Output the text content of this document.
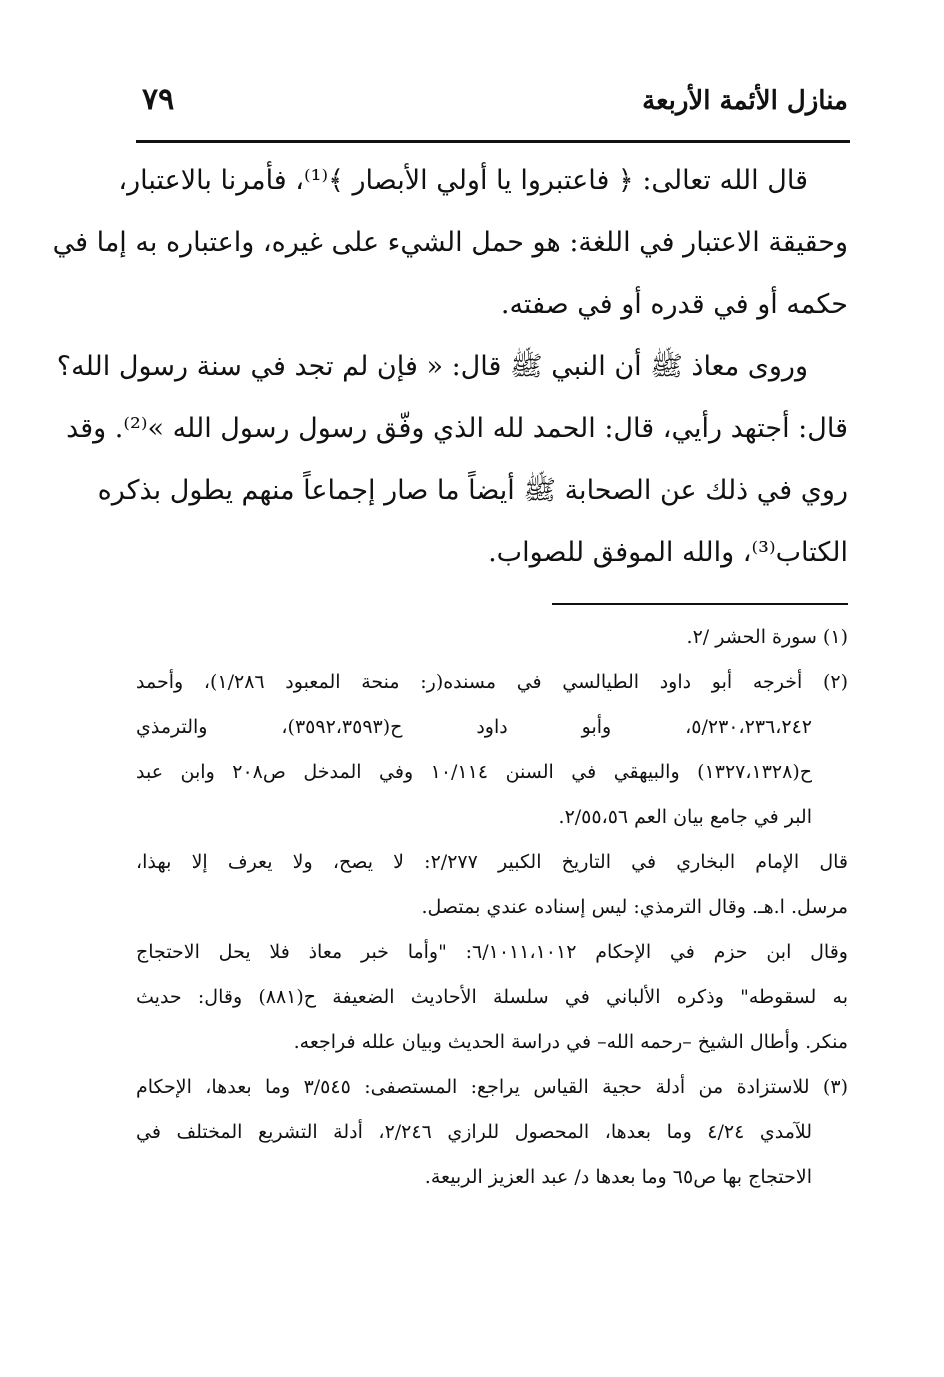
منازل الأئمة الأربعة
٧٩
قال الله تعالى: ﴿ فاعتبروا يا أولي الأبصار ﴾⁽¹⁾، فأمرنا بالاعتبار،
وحقيقة الاعتبار في اللغة: هو حمل الشيء على غيره، واعتباره به إما في
حكمه أو في قدره أو في صفته.
وروى معاذ ﷺ أن النبي ﷺ قال: « فإن لم تجد في سنة رسول الله؟
قال: أجتهد رأيي، قال: الحمد لله الذي وفّق رسول رسول الله »⁽²⁾. وقد
روي في ذلك عن الصحابة ﷺ أيضاً ما صار إجماعاً منهم يطول بذكره
الكتاب⁽³⁾، والله الموفق للصواب.
(١) سورة الحشر /٢.
(٢) أخرجه أبو داود الطيالسي في مسنده(ر: منحة المعبود ١/٢٨٦)، وأحمد
٥/٢٣٠،٢٣٦،٢٤٢، وأبو داود ح(٣٥٩٢،٣٥٩٣)، والترمذي
ح(١٣٢٧،١٣٢٨) والبيهقي في السنن ١٠/١١٤ وفي المدخل ص٢٠٨ وابن عبد
البر في جامع بيان العم ٢/٥٥،٥٦.
قال الإمام البخاري في التاريخ الكبير ٢/٢٧٧: لا يصح، ولا يعرف إلا بهذا،
مرسل. ا.هـ. وقال الترمذي: ليس إسناده عندي بمتصل.
وقال ابن حزم في الإحكام ٦/١٠١١،١٠١٢: "وأما خبر معاذ فلا يحل الاحتجاج
به لسقوطه" وذكره الألباني في سلسلة الأحاديث الضعيفة ح(٨٨١) وقال: حديث
منكر. وأطال الشيخ –رحمه الله– في دراسة الحديث وبيان علله فراجعه.
(٣) للاستزادة من أدلة حجية القياس يراجع: المستصفى: ٣/٥٤٥ وما بعدها، الإحكام
للآمدي ٤/٢٤ وما بعدها، المحصول للرازي ٢/٢٤٦، أدلة التشريع المختلف في
الاحتجاج بها ص٦٥ وما بعدها د/ عبد العزيز الربيعة.
